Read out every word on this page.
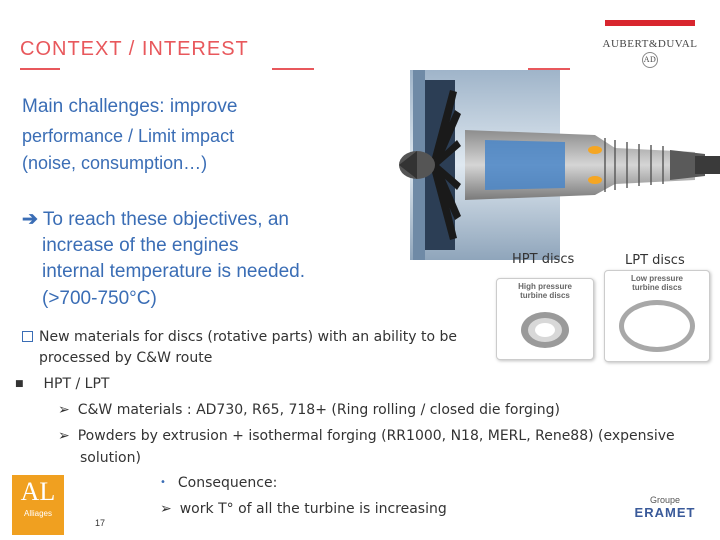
CONTEXT / INTEREST	AUBERT&DUVAL
AD
Main challenges: improve
performance / Limit impact
(noise, consumption…)
➔ To reach these objectives, an
increase of the engines
internal temperature is needed.
(>700-750°C)
HPT discs	LPT discs
High pressure turbine discs
Low pressure turbine discs
New materials for discs (rotative parts) with an ability to be
processed by C&W route
■ HPT / LPT
➢ C&W materials : AD730, R65, 718+ (Ring rolling / closed die forging)
➢ Powders by extrusion + isothermal forging (RR1000, N18, MERL, Rene88) (expensive
solution)
• Consequence:
➢ work T° of all the turbine is increasing
AL
Alliages
17
Groupe
ERAMET
